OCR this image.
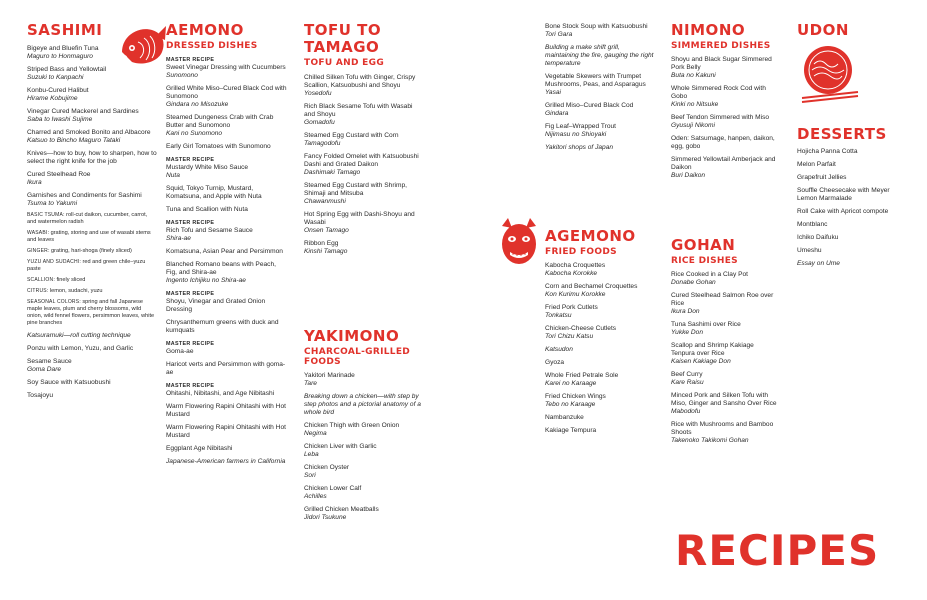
SASHIMI
Bigeye and Bluefin Tuna
Maguro to Honmaguro
Striped Bass and Yellowtail
Suzuki to Kanpachi
Konbu-Cured Halibut
Hirame Kobujime
Vinegar Cured Mackerel and Sardines
Saba to Iwashi Sujime
Charred and Smoked Bonito and Albacore
Katsuo to Bincho Maguro Tataki
Knives—how to buy, how to sharpen, how to select the right knife for the job
Cured Steelhead Roe
Ikura
Garnishes and Condiments for Sashimi
Tsuma to Yakumi
BASIC TSUMA: roll-cut daikon, cucumber, carrot, and watermelon radish
WASABI: grating, storing and use of wasabi stems and leaves
GINGER: grating, hari-shoga (finely sliced)
YUZU AND SUDACHI: red and green chile–yuzu paste
SCALLION: finely sliced
CITRUS: lemon, sudachi, yuzu
SEASONAL COLORS: spring and fall Japanese maple leaves, plum and cherry blossoms, wild onion, wild fennel flowers, persimmon leaves, white pine branches
Katsuramuki—roll cutting technique
Ponzu with Lemon, Yuzu, and Garlic
Sesame Sauce
Goma Dare
Soy Sauce with Katsuobushi
Tosajoyu
AEMONO
DRESSED DISHES
MASTER RECIPE
Sweet Vinegar Dressing with Cucumbers
Sunomono
Grilled White Miso–Cured Black Cod with Sunomono
Gindara no Misozuke
Steamed Dungeness Crab with Crab Butter and Sunomono
Kani no Sunomono
Early Girl Tomatoes with Sunomono
MASTER RECIPE
Mustardy White Miso Sauce
Nuta
Squid, Tokyo Turnip, Mustard, Komatsuna, and Apple with Nuta
Tuna and Scallion with Nuta
MASTER RECIPE
Rich Tofu and Sesame Sauce
Shira-ae
Komatsuna, Asian Pear and Persimmon
Blanched Romano beans with Peach, Fig, and Shira-ae
Ingento Ichijiku no Shira-ae
MASTER RECIPE
Shoyu, Vinegar and Grated Onion Dressing
Chrysanthemum greens with duck and kumquats
MASTER RECIPE
Goma-ae
Haricot verts and Persimmon with goma-ae
MASTER RECIPE
Ohitashi, Nibitashi, and Age Nibitashi
Warm Flowering Rapini Ohitashi with Hot Mustard
Warm Flowering Rapini Ohitashi with Hot Mustard
Eggplant Age Nibitashi
Japanese-American farmers in California
TOFU TO
TAMAGO
TOFU AND EGG
Chilled Silken Tofu with Ginger, Crispy Scallion, Katsuobushi and Shoyu
Yosedofu
Rich Black Sesame Tofu with Wasabi and Shoyu
Gomadofu
Steamed Egg Custard with Corn
Tamagodofu
Fancy Folded Omelet with Katsuobushi Dashi and Grated Daikon
Dashimaki Tamago
Steamed Egg Custard with Shrimp, Shimaji and Mitsuba
Chawanmushi
Hot Spring Egg with Dashi-Shoyu and Wasabi
Onsen Tamago
Ribbon Egg
Kinshi Tamago
YAKIMONO
CHARCOAL-GRILLED FOODS
Yakitori Marinade
Tare
Breaking down a chicken—with step by step photos and a pictorial anatomy of a whole bird
Chicken Thigh with Green Onion
Negima
Chicken Liver with Garlic
Leba
Chicken Oyster
Sori
Chicken Lower Calf
Achilles
Grilled Chicken Meatballs
Jidori Tsukune
Bone Stock Soup with Katsuobushi
Tori Gara
Building a make shift grill, maintaining the fire, gauging the right temperature
Vegetable Skewers with Trumpet Mushrooms, Peas, and Asparagus
Yasai
Grilled Miso–Cured Black Cod
Gindara
Fig Leaf–Wrapped Trout
Nijimasu no Shioyaki
Yakitori shops of Japan
AGEMONO
FRIED FOODS
Kabocha Croquettes
Kabocha Korokke
Corn and Bechamel Croquettes
Kon Kurimu Korokke
Fried Pork Cutlets
Tonkatsu
Chicken-Cheese Cutlets
Tori Chizu Katsu
Katsudon
Gyoza
Whole Fried Petrale Sole
Karei no Karaage
Fried Chicken Wings
Tebo no Karaage
Nambanzuke
Kakiage Tempura
NIMONO
SIMMERED DISHES
Shoyu and Black Sugar Simmered Pork Belly
Buta no Kakuni
Whole Simmered Rock Cod with Gobo
Kinki no Nitsuke
Beef Tendon Simmered with Miso
Gyusuji Nikomi
Oden: Satsumage, hanpen, daikon, egg, gobo
Simmered Yellowtail Amberjack and Daikon
Buri Daikon
GOHAN
RICE DISHES
Rice Cooked in a Clay Pot
Donabe Gohan
Cured Steelhead Salmon Roe over Rice
Ikura Don
Tuna Sashimi over Rice
Yukke Don
Scallop and Shrimp Kakiage Tenpura over Rice
Kaisen Kakiage Don
Beef Curry
Kare Raisu
Minced Pork and Silken Tofu with Miso, Ginger and Sansho Over Rice
Mabodofu
Rice with Mushrooms and Bamboo Shoots
Takenoko Takikomi Gohan
UDON
DESSERTS
Hojicha Panna Cotta
Melon Parfait
Grapefruit Jellies
Souffle Cheesecake with Meyer Lemon Marmalade
Roll Cake with Apricot compote
Montblanc
Ichiko Daifuku
Umeshu
Essay on Ume
RECIPES
